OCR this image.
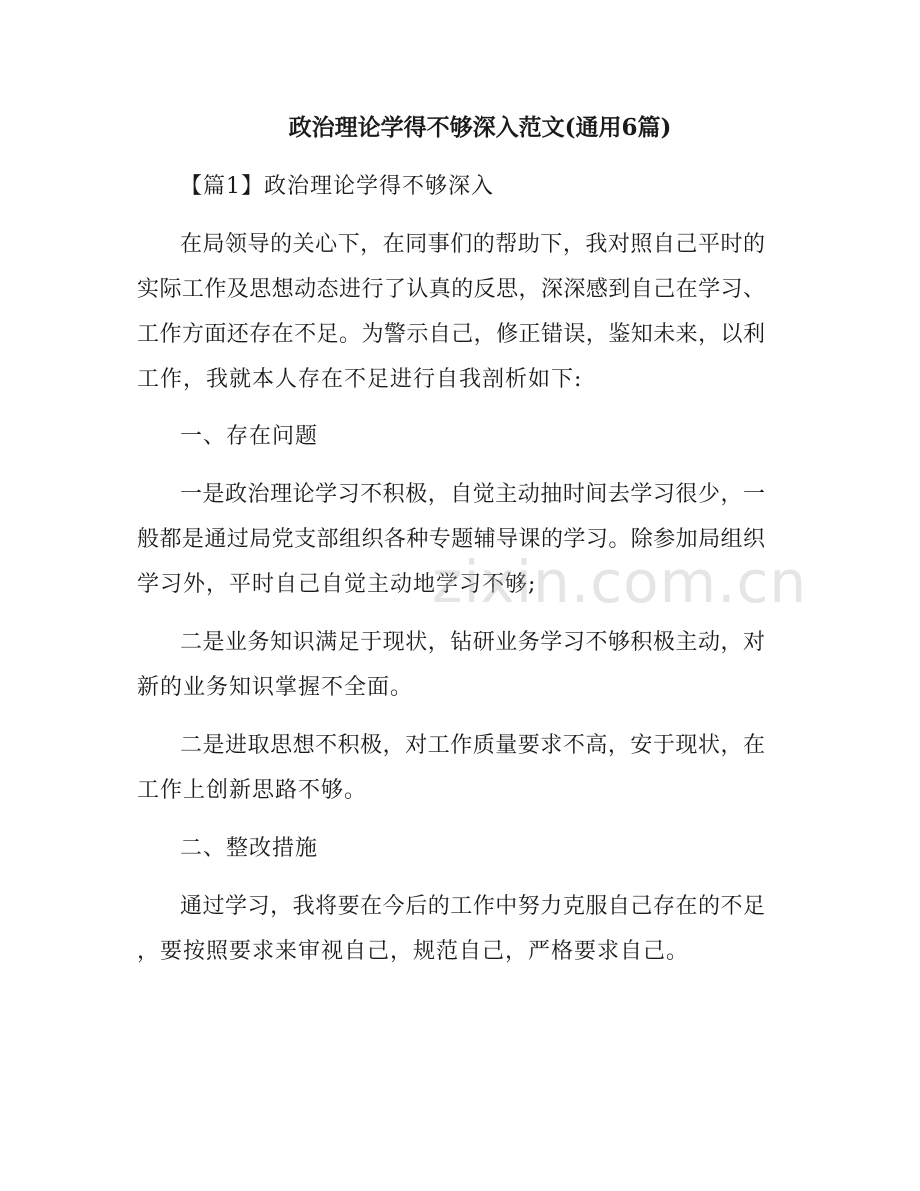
政治理论学得不够深入范文(通用6篇)
【篇1】政治理论学得不够深入
在局领导的关心下，在同事们的帮助下，我对照自己平时的
实际工作及思想动态进行了认真的反思，深深感到自己在学习、
工作方面还存在不足。为警示自己，修正错误，鉴知未来，以利
工作，我就本人存在不足进行自我剖析如下:
一、存在问题
一是政治理论学习不积极，自觉主动抽时间去学习很少，一
般都是通过局党支部组织各种专题辅导课的学习。除参加局组织
学习外，平时自己自觉主动地学习不够;
二是业务知识满足于现状，钻研业务学习不够积极主动，对
新的业务知识掌握不全面。
二是进取思想不积极，对工作质量要求不高，安于现状，在
工作上创新思路不够。
二、整改措施
通过学习，我将要在今后的工作中努力克服自己存在的不足
，要按照要求来审视自己，规范自己，严格要求自己。
zixin.com.cn
